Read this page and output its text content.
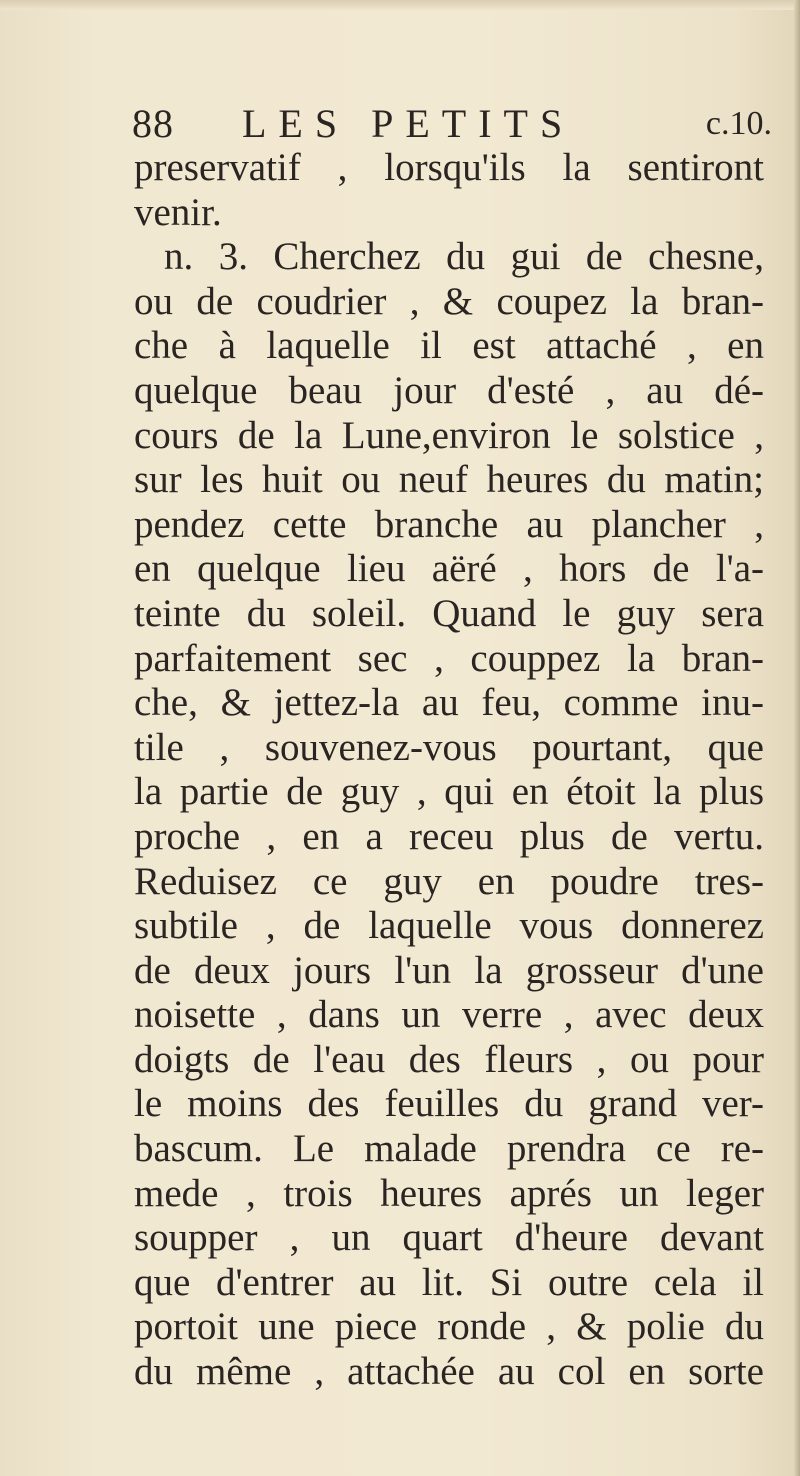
88 LES PETITS	c.10.
preservatif , lorsqu'ils la sentiront
venir.
n. 3. Cherchez du gui de chesne,
ou de coudrier , & coupez la bran-
che à laquelle il est attaché , en
quelque beau jour d'esté , au dé-
cours de la Lune,environ le solstice ,
sur les huit ou neuf heures du matin;
pendez cette branche au plancher ,
en quelque lieu aëré , hors de l'a-
teinte du soleil. Quand le guy sera
parfaitement sec , couppez la bran-
che, & jettez-la au feu, comme inu-
tile , souvenez-vous pourtant, que
la partie de guy , qui en étoit la plus
proche , en a receu plus de vertu.
Reduisez ce guy en poudre tres-
subtile , de laquelle vous donnerez
de deux jours l'un la grosseur d'une
noisette , dans un verre , avec deux
doigts de l'eau des fleurs , ou pour
le moins des feuilles du grand ver-
bascum. Le malade prendra ce re-
mede , trois heures aprés un leger
soupper , un quart d'heure devant
que d'entrer au lit. Si outre cela il
portoit une piece ronde , & polie du
du même , attachée au col en sorte
